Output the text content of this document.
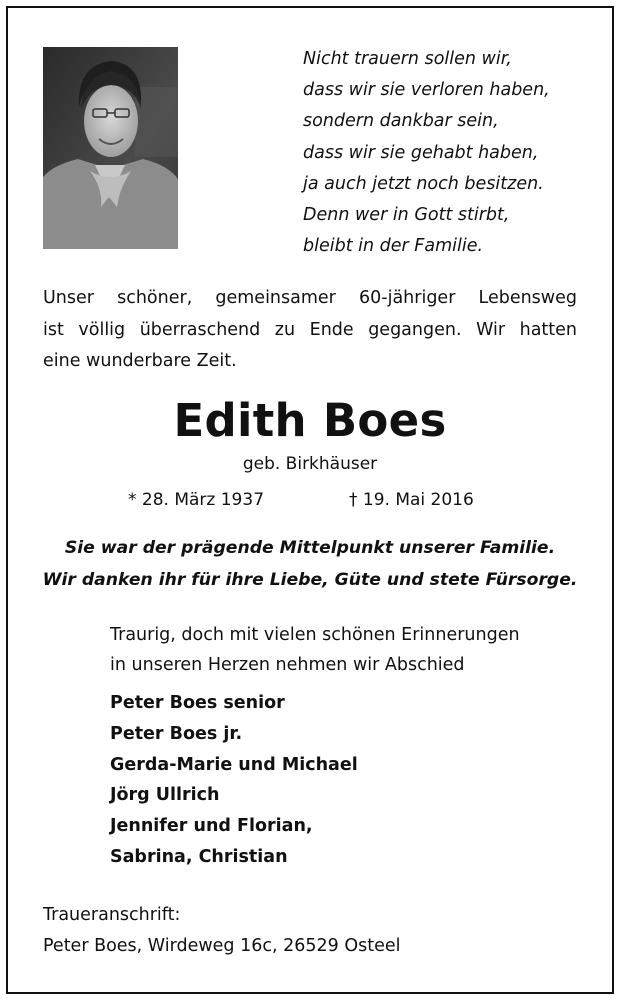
Nicht trauern sollen wir,
dass wir sie verloren haben,
sondern dankbar sein,
dass wir sie gehabt haben,
ja auch jetzt noch besitzen.
Denn wer in Gott stirbt,
bleibt in der Familie.
Unser schöner, gemeinsamer 60-jähriger Lebensweg
ist völlig überraschend zu Ende gegangen. Wir hatten
eine wunderbare Zeit.
Edith Boes
geb. Birkhäuser
* 28. März 1937	† 19. Mai 2016
Sie war der prägende Mittelpunkt unserer Familie.
Wir danken ihr für ihre Liebe, Güte und stete Fürsorge.
Traurig, doch mit vielen schönen Erinnerungen
in unseren Herzen nehmen wir Abschied
Peter Boes senior
Peter Boes jr.
Gerda-Marie und Michael
Jörg Ullrich
Jennifer und Florian,
Sabrina, Christian
Traueranschrift:
Peter Boes, Wirdeweg 16c, 26529 Osteel
